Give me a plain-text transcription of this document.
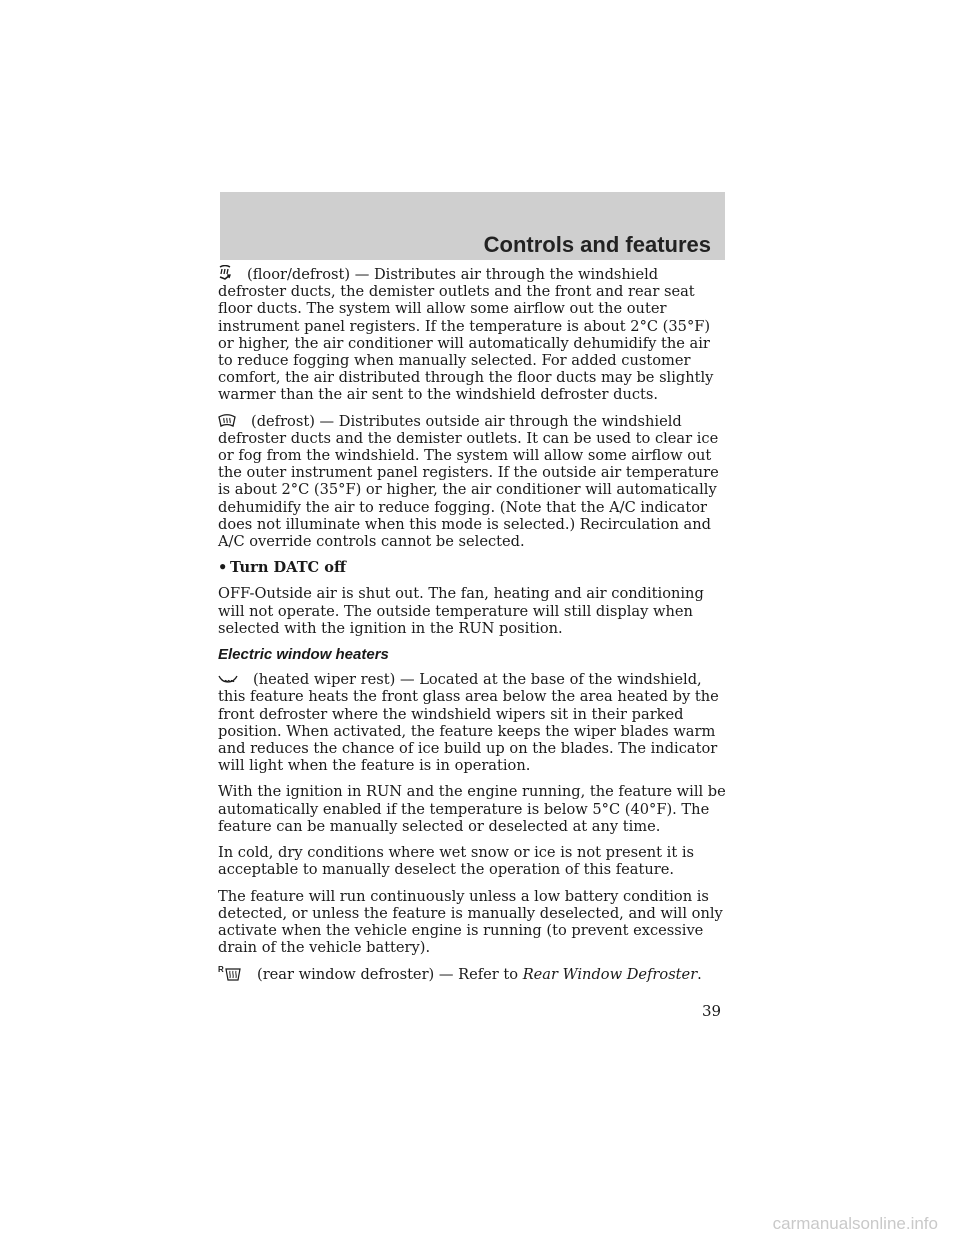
Controls and features

(floor/defrost) — Distributes air through the windshield defroster ducts, the demister outlets and the front and rear seat floor ducts. The system will allow some airflow out the outer instrument panel registers. If the temperature is about 2°C (35°F) or higher, the air conditioner will automatically dehumidify the air to reduce fogging when manually selected. For added customer comfort, the air distributed through the floor ducts may be slightly warmer than the air sent to the windshield defroster ducts.

(defrost) — Distributes outside air through the windshield defroster ducts and the demister outlets. It can be used to clear ice or fog from the windshield. The system will allow some airflow out the outer instrument panel registers. If the outside air temperature is about 2°C (35°F) or higher, the air conditioner will automatically dehumidify the air to reduce fogging. (Note that the A/C indicator does not illuminate when this mode is selected.) Recirculation and A/C override controls cannot be selected.

• Turn DATC off

OFF-Outside air is shut out. The fan, heating and air conditioning will not operate. The outside temperature will still display when selected with the ignition in the RUN position.

Electric window heaters

(heated wiper rest) — Located at the base of the windshield, this feature heats the front glass area below the area heated by the front defroster where the windshield wipers sit in their parked position. When activated, the feature keeps the wiper blades warm and reduces the chance of ice build up on the blades. The indicator will light when the feature is in operation.

With the ignition in RUN and the engine running, the feature will be automatically enabled if the temperature is below 5°C (40°F). The feature can be manually selected or deselected at any time.

In cold, dry conditions where wet snow or ice is not present it is acceptable to manually deselect the operation of this feature.

The feature will run continuously unless a low battery condition is detected, or unless the feature is manually deselected, and will only activate when the vehicle engine is running (to prevent excessive drain of the vehicle battery).

R (rear window defroster) — Refer to Rear Window Defroster.

39
carmanualsonline.info
